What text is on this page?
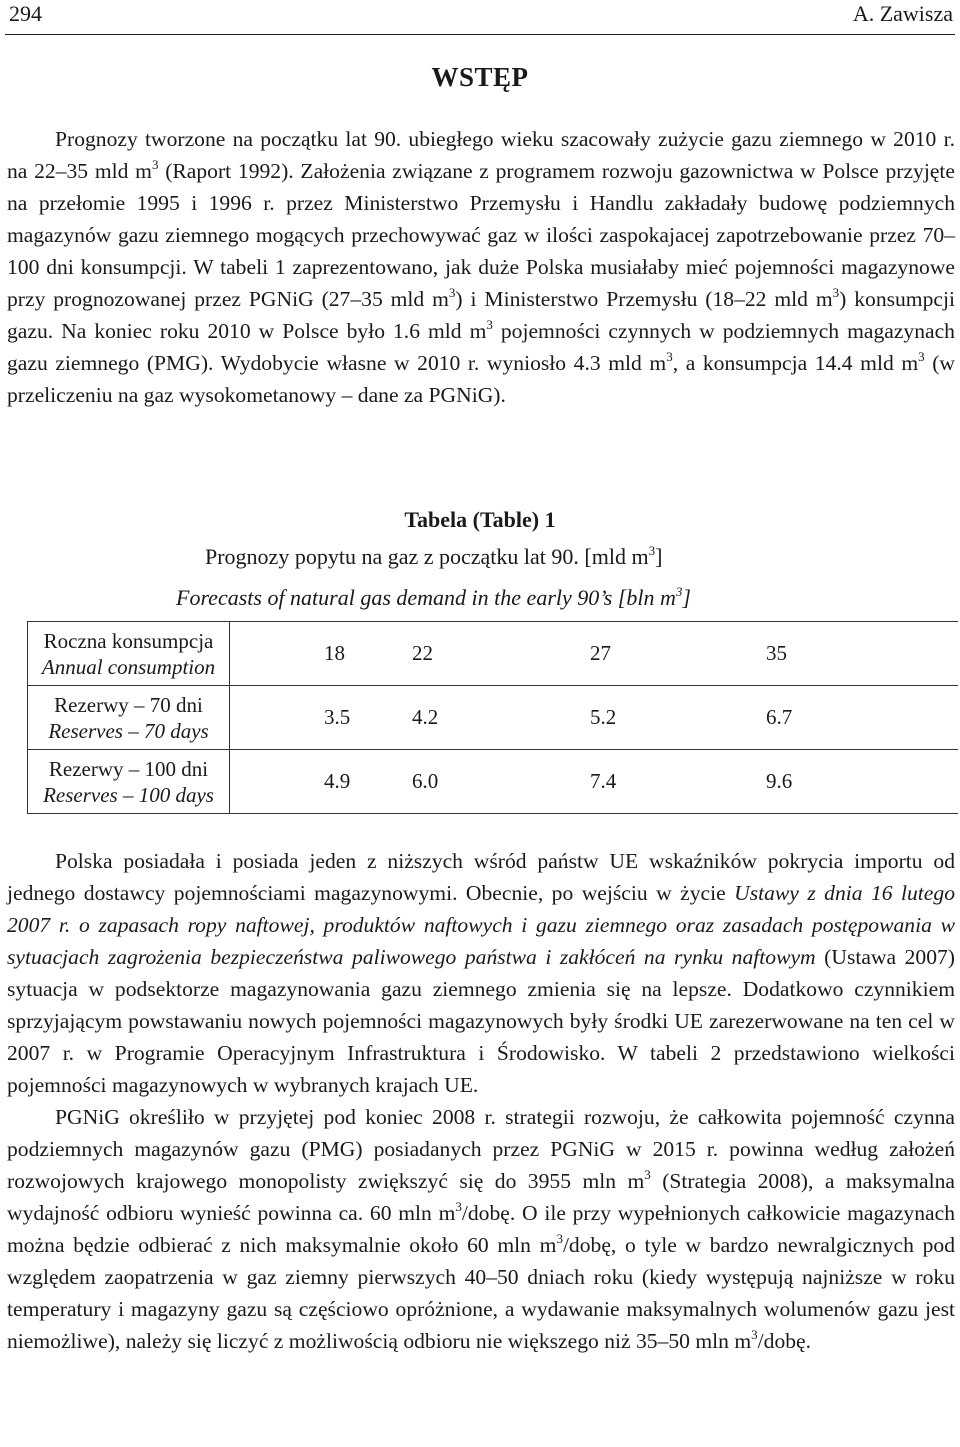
294	A. Zawisza
WSTĘP

Prognozy tworzone na początku lat 90. ubiegłego wieku szacowały zużycie gazu ziemnego w 2010 r. na 22–35 mld $m^3$ (Raport 1992). Założenia związane z programem rozwoju gazownictwa w Polsce przyjęte na przełomie 1995 i 1996 r. przez Ministerstwo Przemysłu i Handlu zakładały budowę podziemnych magazynów gazu ziemnego mogących przechowywać gaz w ilości zaspokajacej zapotrzebowanie przez 70–100 dni konsumpcji. W tabeli 1 zaprezentowano, jak duże Polska musiałaby mieć pojemności magazynowe przy prognozowanej przez PGNiG (27–35 mld $m^3$) i Ministerstwo Przemysłu (18–22 mld $m^3$) konsumpcji gazu. Na koniec roku 2010 w Polsce było 1.6 mld $m^3$ pojemności czynnych w podziemnych magazynach gazu ziemnego (PMG). Wydobycie własne w 2010 r. wyniosło 4.3 mld $m^3$, a konsumpcja 14.4 mld $m^3$ (w przeliczeniu na gaz wysokometanowy – dane za PGNiG).

Tabela (Table) 1
Prognozy popytu na gaz z początku lat 90. [mld $m^3$]
Forecasts of natural gas demand in the early 90’s [bln $m^3$]
Roczna konsumpcja
Annual consumption	18	22	27	35

Rezerwy – 70 dni
Reserves – 70 days	3.5	4.2	5.2	6.7

Rezerwy – 100 dni
Reserves – 100 days	4.9	6.0	7.4	9.6

Polska posiadała i posiada jeden z niższych wśród państw UE wskaźników pokrycia importu od jednego dostawcy pojemnościami magazynowymi. Obecnie, po wejściu w życie Ustawy z dnia 16 lutego 2007 r. o zapasach ropy naftowej, produktów naftowych i gazu ziemnego oraz zasadach postępowania w sytuacjach zagrożenia bezpieczeństwa paliwowego państwa i zakłóceń na rynku naftowym (Ustawa 2007) sytuacja w podsektorze magazynowania gazu ziemnego zmienia się na lepsze. Dodatkowo czynnikiem sprzyjającym powstawaniu nowych pojemności magazynowych były środki UE zarezerwowane na ten cel w 2007 r. w Programie Operacyjnym Infrastruktura i Środowisko. W tabeli 2 przedstawiono wielkości pojemności magazynowych w wybranych krajach UE.

PGNiG określiło w przyjętej pod koniec 2008 r. strategii rozwoju, że całkowita pojemność czynna podziemnych magazynów gazu (PMG) posiadanych przez PGNiG w 2015 r. powinna według założeń rozwojowych krajowego monopolisty zwiększyć się do 3955 mln $m^3$ (Strategia 2008), a maksymalna wydajność odbioru wynieść powinna ca. 60 mln $m^3$/dobę. O ile przy wypełnionych całkowicie magazynach można będzie odbierać z nich maksymalnie około 60 mln $m^3$/dobę, o tyle w bardzo newralgicznych pod względem zaopatrzenia w gaz ziemny pierwszych 40–50 dniach roku (kiedy występują najniższe w roku temperatury i magazyny gazu są częściowo opróżnione, a wydawanie maksymalnych wolumenów gazu jest niemożliwe), należy się liczyć z możliwością odbioru nie większego niż 35–50 mln $m^3$/dobę.
